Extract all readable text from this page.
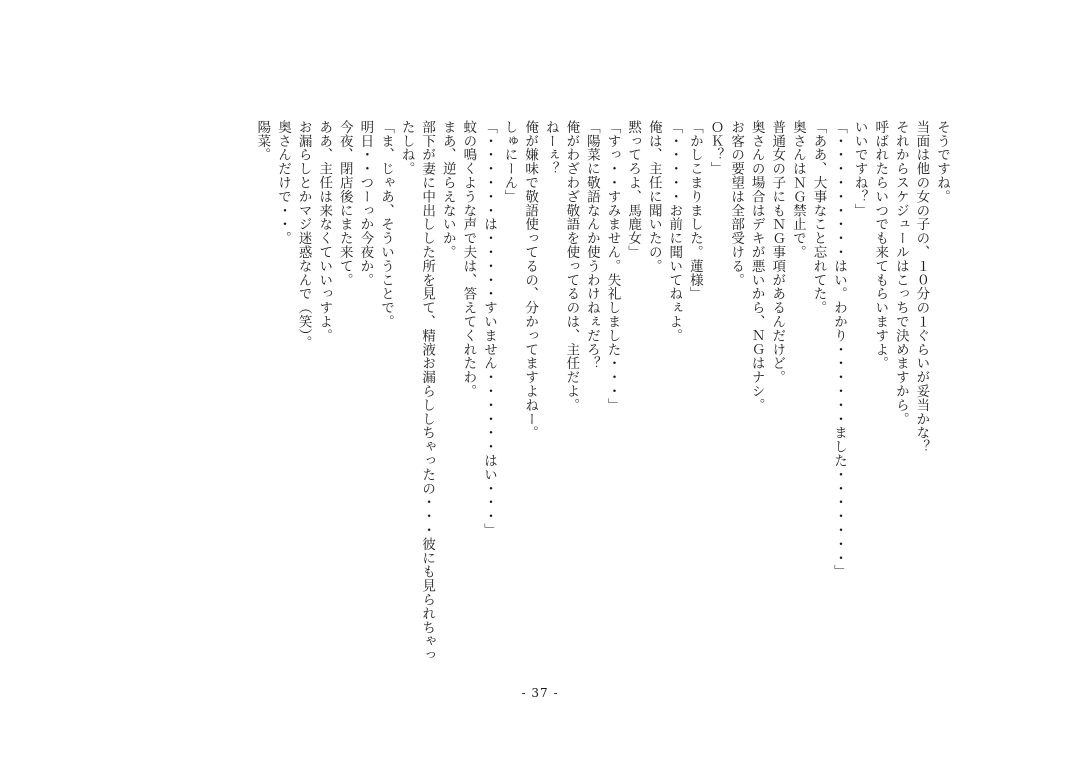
そうですね。

当面は他の女の子の、１０分の１ぐらいが妥当かな？

それからスケジュールはこっちで決めますから。

呼ばれたらいつでも来てもらいますよ。

いいですね？」

「・・・・・・・・・はい。わかり・・・・・・ました・・・・・・・」

「ああ、大事なこと忘れてた。

奥さんはＮＧ禁止で。

普通女の子にもＮＧ事項があるんだけど。

奥さんの場合はデキが悪いから、ＮＧはナシ。

お客の要望は全部受ける。

ＯＫ？」

「かしこまりました。蓮様」

「・・・・・お前に聞いてねぇよ。

俺は、主任に聞いたの。

黙ってろよ、馬鹿女」

「すっ・・すみません。失礼しました・・・」

「陽菜に敬語なんか使うわけねぇだろ？

俺がわざわざ敬語を使ってるのは、主任だよ。

ねーぇ？

俺が嫌味で敬語使ってるの、分かってますよねー。

しゅにーん」

「・・・・・・は・・・・・すいません・・・・・・はい・・・」

蚊の鳴くような声で夫は、答えてくれたわ。

まあ、逆らえないか。

部下が妻に中出しした所を見て、精液お漏らししちゃったの・・・彼にも見られちゃっ

たしね。

「ま、じゃあ、そういうことで。

明日・・つーっか今夜か。

今夜、閉店後にまた来て。

ああ、主任は来なくていいっすよ。

お漏らしとかマジ迷惑なんで（笑）。

奥さんだけで・・。

陽菜。

- 37 -
